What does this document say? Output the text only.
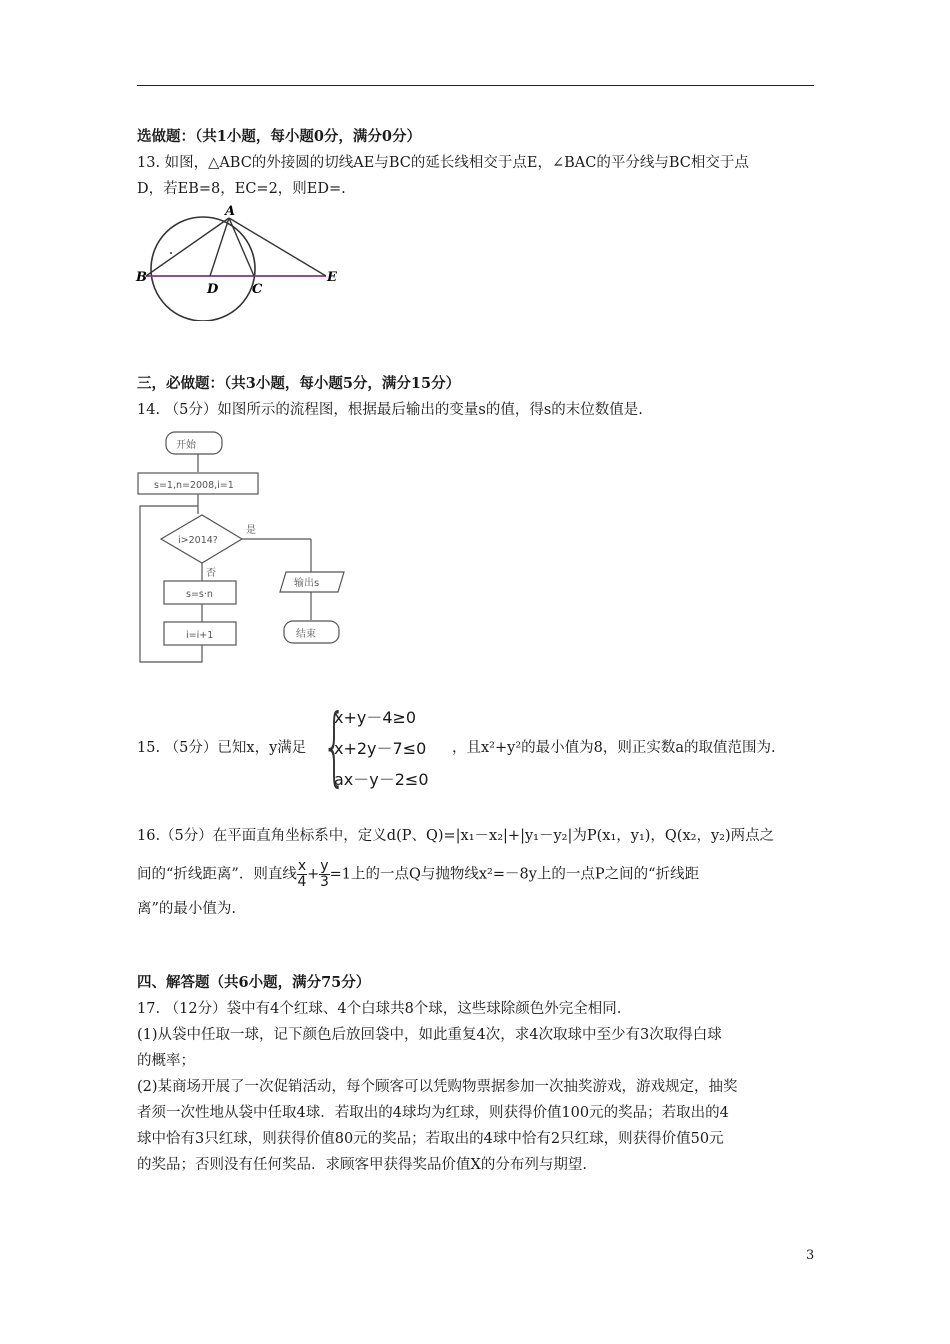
选做题：（共1小题，每小题0分，满分0分）
13. 如图，△ABC的外接圆的切线AE与BC的延长线相交于点E，∠BAC的平分线与BC相交于点
D，若EB=8，EC=2，则ED=.
A
B
D	C
E
三，必做题：（共3小题，每小题5分，满分15分）
14. （5分）如图所示的流程图，根据最后输出的变量s的值，得s的末位数值是.
开始
s=1,n=2008,i=1
i>2014?
是
否
s=s·n
i=i+1
输出s
结束
15. （5分）已知x，y满足 {
x+y－4≥0
x+2y－7≤0
ax－y－2≤0
，且x²+y²的最小值为8，则正实数a的取值范围为.
16.（5分）在平面直角坐标系中，定义d(P、Q)=|x₁－x₂|+|y₁－y₂|为P(x₁，y₁)，Q(x₂，y₂)两点之
间的“折线距离”．则直线 $\frac{x}{4} + \frac{y}{3} =1$上的一点Q与抛物线x²=－8y上的一点P之间的“折线距
离”的最小值为.
四、解答题（共6小题，满分75分）
17. （12分）袋中有4个红球、4个白球共8个球，这些球除颜色外完全相同.
(1)从袋中任取一球，记下颜色后放回袋中，如此重复4次，求4次取球中至少有3次取得白球
的概率；
(2)某商场开展了一次促销活动，每个顾客可以凭购物票据参加一次抽奖游戏，游戏规定，抽奖
者须一次性地从袋中任取4球．若取出的4球均为红球，则获得价值100元的奖品；若取出的4
球中恰有3只红球，则获得价值80元的奖品；若取出的4球中恰有2只红球，则获得价值50元
的奖品；否则没有任何奖品．求顾客甲获得奖品价值X的分布列与期望.
3
